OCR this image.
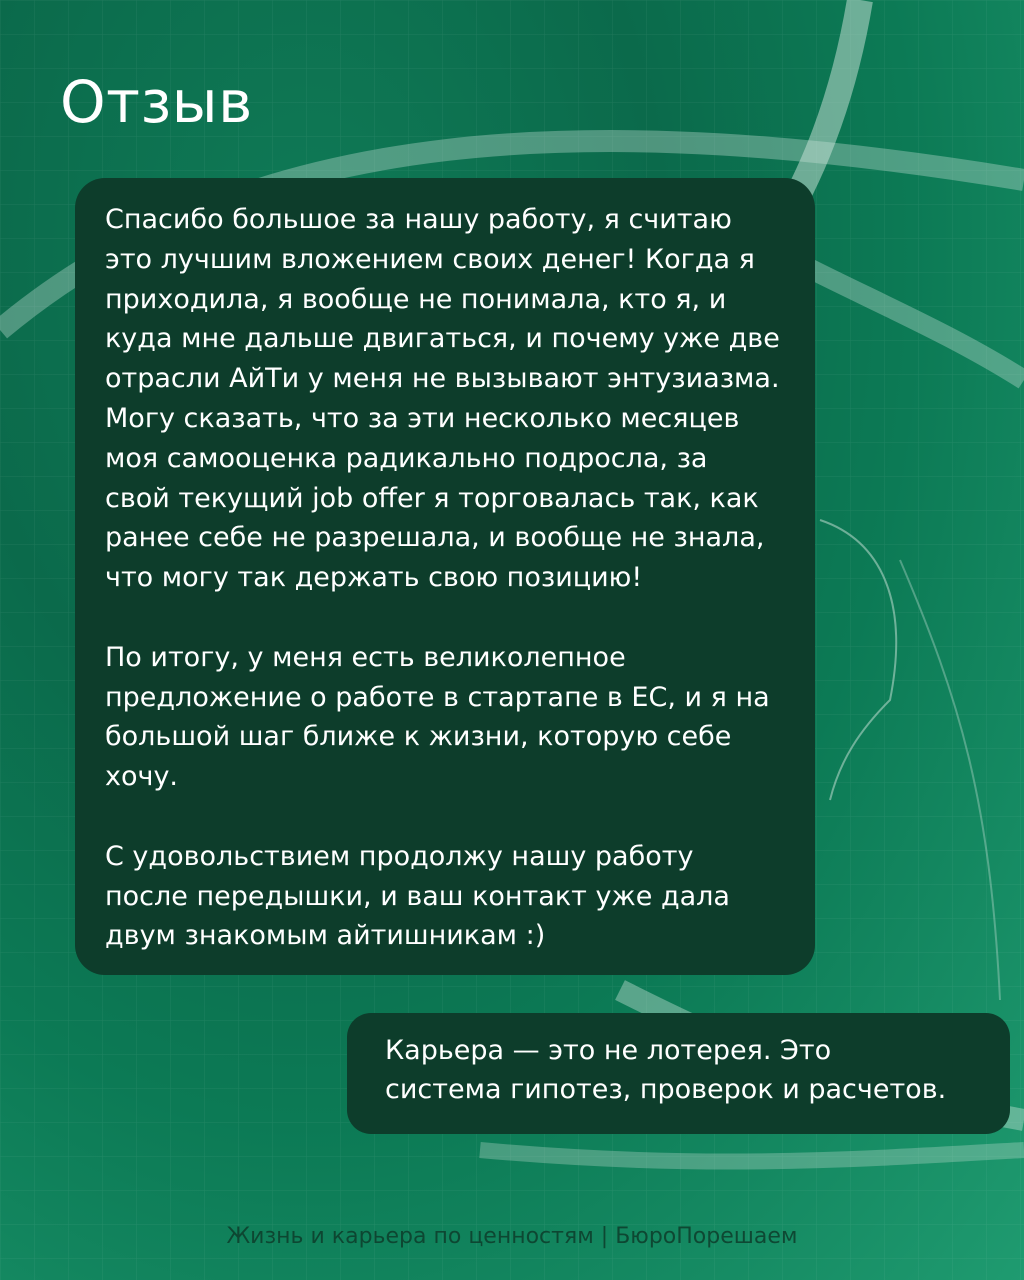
Отзыв

Спасибо большое за нашу работу, я считаю
это лучшим вложением своих денег! Когда я
приходила, я вообще не понимала, кто я, и
куда мне дальше двигаться, и почему уже две
отрасли АйТи у меня не вызывают энтузиазма.
Могу сказать, что за эти несколько месяцев
моя самооценка радикально подросла, за
свой текущий job offer я торговалась так, как
ранее себе не разрешала, и вообще не знала,
что могу так держать свою позицию!

По итогу, у меня есть великолепное
предложение о работе в стартапе в ЕС, и я на
большой шаг ближе к жизни, которую себе
хочу.

С удовольствием продолжу нашу работу
после передышки, и ваш контакт уже дала
двум знакомым айтишникам :)

Карьера — это не лотерея. Это
система гипотез, проверок и расчетов.

Жизнь и карьера по ценностям | БюроПорешаем
